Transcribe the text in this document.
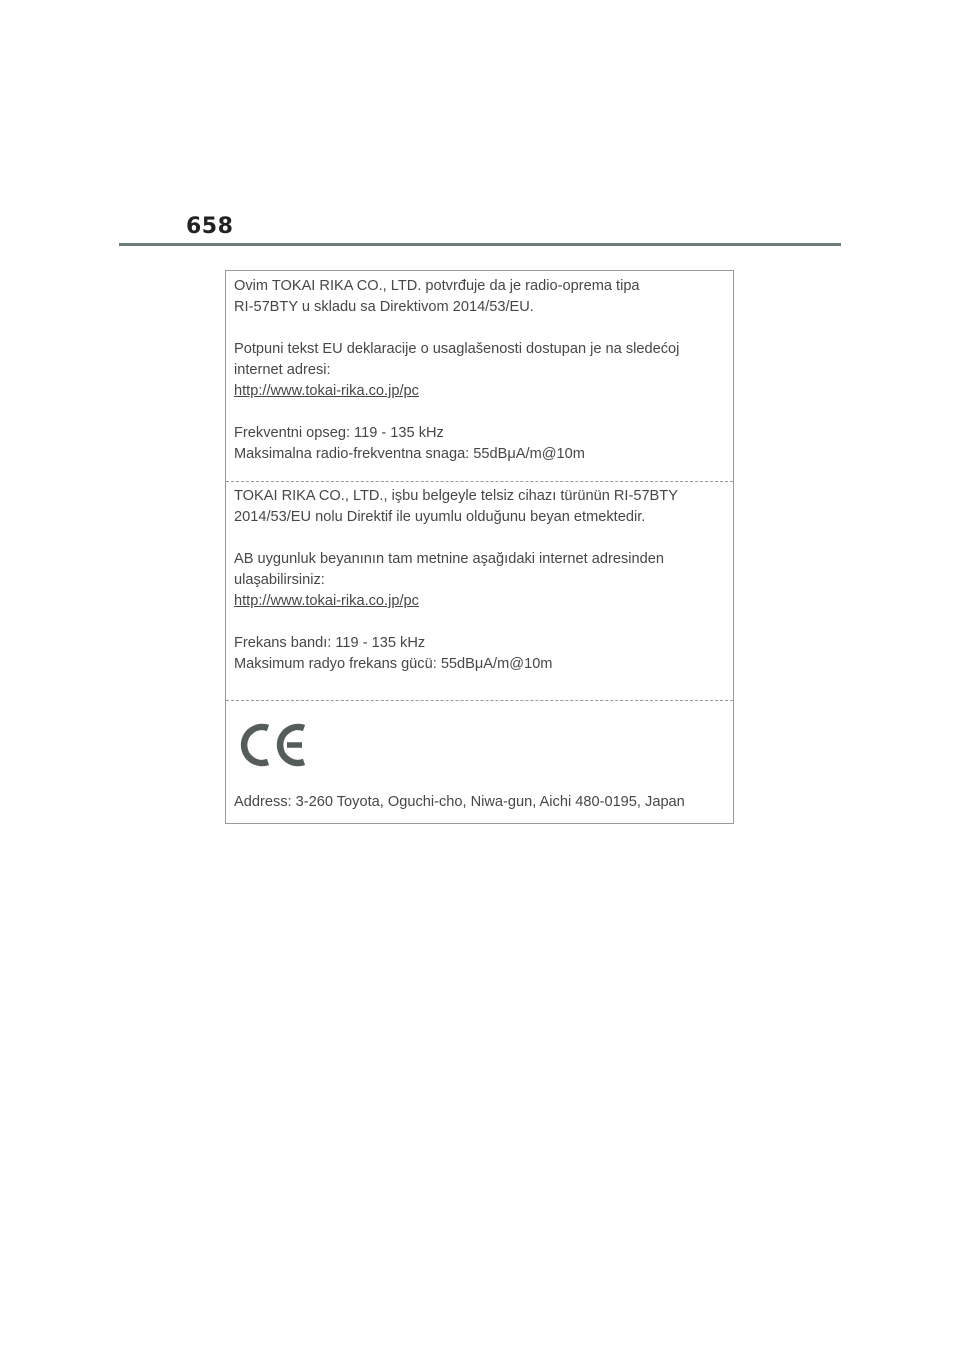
658
Ovim TOKAI RIKA CO., LTD. potvrđuje da je radio-oprema tipa
RI-57BTY u skladu sa Direktivom 2014/53/EU.
Potpuni tekst EU deklaracije o usaglašenosti dostupan je na sledećoj
internet adresi:
http://www.tokai-rika.co.jp/pc
Frekventni opseg: 119 - 135 kHz
Maksimalna radio-frekventna snaga: 55dBμA/m@10m
TOKAI RIKA CO., LTD., işbu belgeyle telsiz cihazı türünün RI-57BTY
2014/53/EU nolu Direktif ile uyumlu olduğunu beyan etmektedir.
AB uygunluk beyanının tam metnine aşağıdaki internet adresinden
ulaşabilirsiniz:
http://www.tokai-rika.co.jp/pc
Frekans bandı: 119 - 135 kHz
Maksimum radyo frekans gücü: 55dBμA/m@10m
Address: 3-260 Toyota, Oguchi-cho, Niwa-gun, Aichi 480-0195, Japan
